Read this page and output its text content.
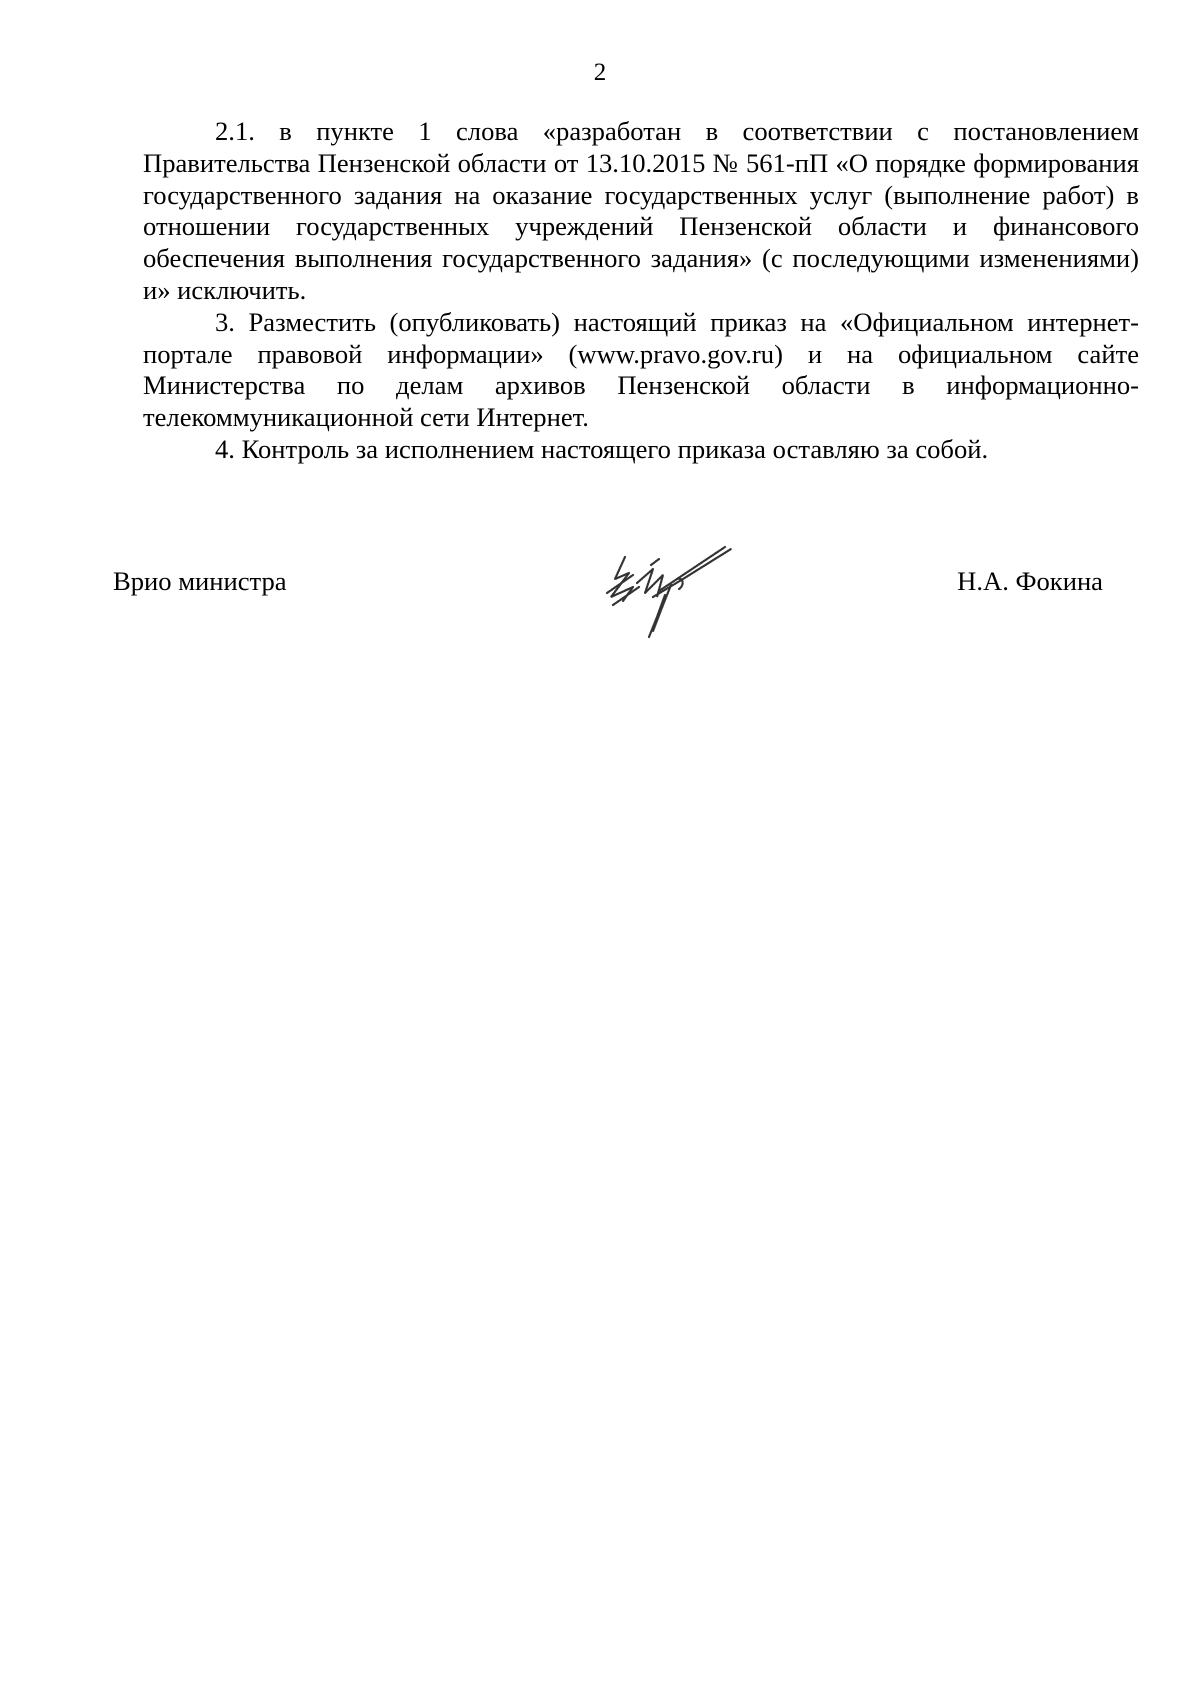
2

2.1. в пункте 1 слова «разработан в соответствии с постановлением Правительства Пензенской области от 13.10.2015 № 561-пП «О порядке формирования государственного задания на оказание государственных услуг (выполнение работ) в отношении государственных учреждений Пензенской области и финансового обеспечения выполнения государственного задания» (с последующими изменениями) и» исключить.

3. Разместить (опубликовать) настоящий приказ на «Официальном интернет-портале правовой информации» (www.pravo.gov.ru) и на официальном сайте Министерства по делам архивов Пензенской области в информационно-телекоммуникационной сети Интернет.

4. Контроль за исполнением настоящего приказа оставляю за собой.

Врио министра	Н.А. Фокина
